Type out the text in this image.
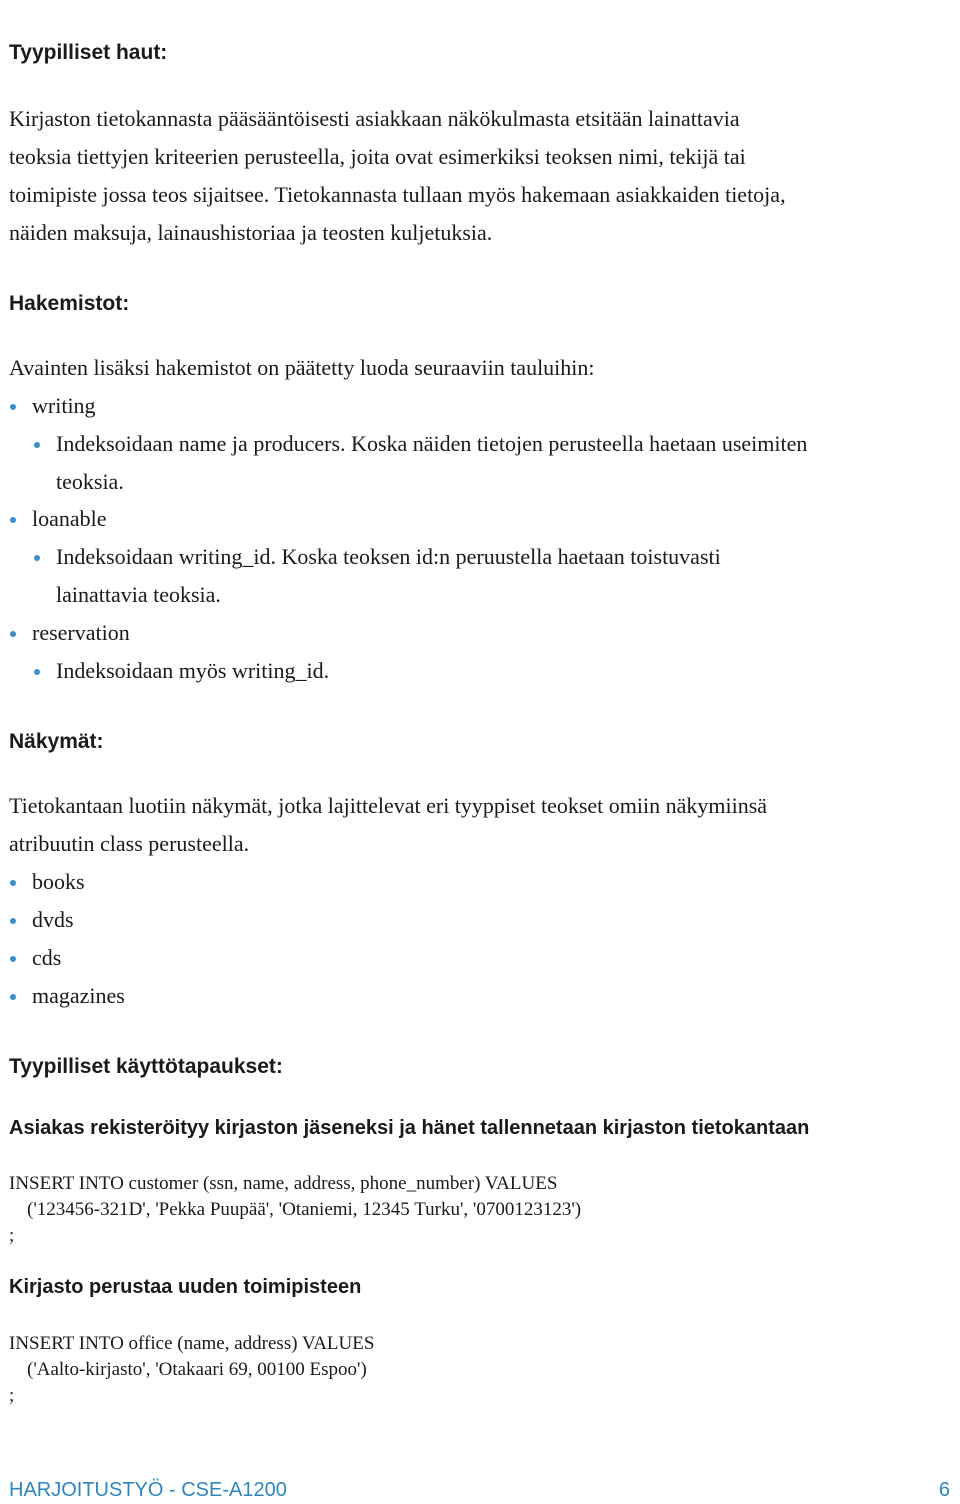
Tyypilliset haut:
Kirjaston tietokannasta pääsääntöisesti asiakkaan näkökulmasta etsitään lainattavia
teoksia tiettyjen kriteerien perusteella, joita ovat esimerkiksi teoksen nimi, tekijä tai
toimipiste jossa teos sijaitsee. Tietokannasta tullaan myös hakemaan asiakkaiden tietoja,
näiden maksuja, lainaushistoriaa ja teosten kuljetuksia.
Hakemistot:
Avainten lisäksi hakemistot on päätetty luoda seuraaviin tauluihin:
writing
Indeksoidaan name ja producers. Koska näiden tietojen perusteella haetaan useimiten
teoksia.
loanable
Indeksoidaan writing_id. Koska teoksen id:n peruustella haetaan toistuvasti
lainattavia teoksia.
reservation
Indeksoidaan myös writing_id.
Näkymät:
Tietokantaan luotiin näkymät, jotka lajittelevat eri tyyppiset teokset omiin näkymiinsä
atribuutin class perusteella.
books
dvds
cds
magazines
Tyypilliset käyttötapaukset:
Asiakas rekisteröityy kirjaston jäseneksi ja hänet tallennetaan kirjaston tietokantaan
INSERT INTO customer (ssn, name, address, phone_number) VALUES
('123456-321D', 'Pekka Puupää', 'Otaniemi, 12345 Turku', '0700123123')
;
Kirjasto perustaa uuden toimipisteen
INSERT INTO office (name, address) VALUES
('Aalto-kirjasto', 'Otakaari 69, 00100 Espoo')
;
HARJOITUSTYÖ - CSE-A1200	6
